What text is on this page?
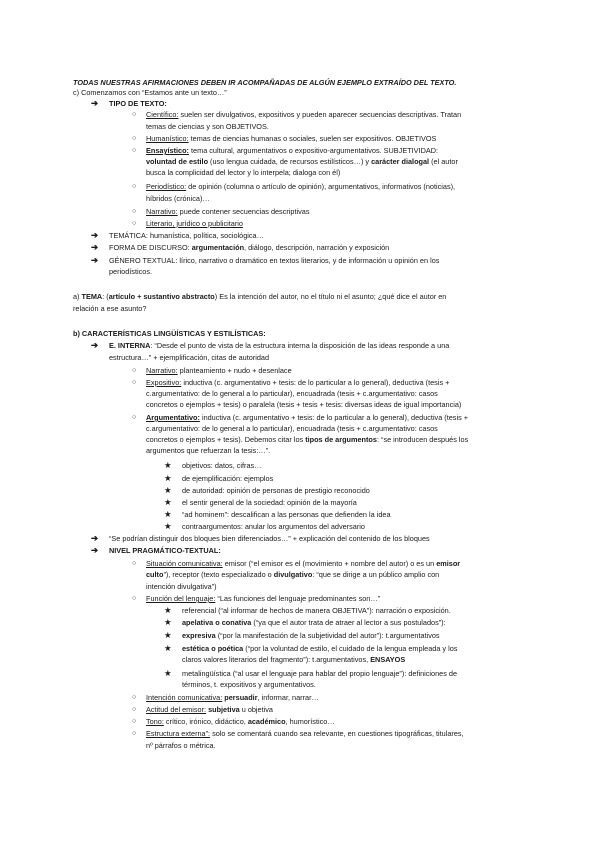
TODAS NUESTRAS AFIRMACIONES DEBEN IR ACOMPAÑADAS DE ALGÚN EJEMPLO EXTRAÍDO DEL TEXTO.
c) Comenzamos con “Estamos ante un texto…”
➔ TIPO DE TEXTO:
○ Científico: suelen ser divulgativos, expositivos y pueden aparecer secuencias descriptivas. Tratan
temas de ciencias y son OBJETIVOS.
○ Humanístico: temas de ciencias humanas o sociales, suelen ser expositivos. OBJETIVOS
○ Ensayístico: tema cultural, argumentativos o expositivo-argumentativos. SUBJETIVIDAD:
voluntad de estilo (uso lengua cuidada, de recursos estilísticos…) y carácter dialogal (el autor
busca la complicidad del lector y lo interpela; dialoga con él)
○ Periodístico: de opinión (columna o artículo de opinión), argumentativos, informativos (noticias),
híbridos (crónica)…
○ Narrativo: puede contener secuencias descriptivas
○ Literario, jurídico o publicitario
➔ TEMÁTICA: humanística, política, sociológica…
➔ FORMA DE DISCURSO: argumentación, diálogo, descripción, narración y exposición
➔ GÉNERO TEXTUAL: lírico, narrativo o dramático en textos literarios, y de información u opinión en los
periodísticos.
a) TEMA: (artículo + sustantivo abstracto) Es la intención del autor, no el título ni el asunto; ¿qué dice el autor en
relación a ese asunto?
b) CARACTERÍSTICAS LINGÜÍSTICAS Y ESTILÍSTICAS:
➔ E. INTERNA: “Desde el punto de vista de la estructura interna la disposición de las ideas responde a una
estructura…” + ejemplificación, citas de autoridad
○ Narrativo: planteamiento + nudo + desenlace
○ Expositivo: inductiva (c. argumentativo + tesis: de lo particular a lo general), deductiva (tesis +
c.argumentativo: de lo general a lo particular), encuadrada (tesis + c.argumentativo: casos
concretos o ejemplos + tesis) o paralela (tesis + tesis + tesis: diversas ideas de igual importancia)
○ Argumentativo: inductiva (c. argumentativo + tesis: de lo particular a lo general), deductiva (tesis +
c.argumentativo: de lo general a lo particular), encuadrada (tesis + c.argumentativo: casos
concretos o ejemplos + tesis). Debemos citar los tipos de argumentos: “se introducen después los
argumentos que refuerzan la tesis:…”.
★ objetivos: datos, cifras…
★ de ejemplificación: ejemplos
★ de autoridad: opinión de personas de prestigio reconocido
★ el sentir general de la sociedad: opinión de la mayoría
★ “ad hominem”: descalifican a las personas que defienden la idea
★ contraargumentos: anular los argumentos del adversario
➔ “Se podrían distinguir dos bloques bien diferenciados…” + explicación del contenido de los bloques
➔ NIVEL PRAGMÁTICO-TEXTUAL:
○ Situación comunicativa: emisor (“el emisor es el (movimiento + nombre del autor) o es un emisor
culto”), receptor (texto especializado o divulgativo: “que se dirige a un público amplio con
intención divulgativa”)
○ Función del lenguaje: “Las funciones del lenguaje predominantes son…”
★ referencial (“al informar de hechos de manera OBJETIVA”): narración o exposición.
★ apelativa o conativa (“ya que el autor trata de atraer al lector a sus postulados”):
★ expresiva (“por la manifestación de la subjetividad del autor”): t.argumentativos
★ estética o poética (“por la voluntad de estilo, el cuidado de la lengua empleada y los
claros valores literarios del fragmento”): t.argumentativos, ENSAYOS
★ metalingüística (“al usar el lenguaje para hablar del propio lenguaje”): definiciones de
términos, t. expositivos y argumentativos.
○ Intención comunicativa: persuadir, informar, narrar…
○ Actitud del emisor: subjetiva u objetiva
○ Tono: crítico, irónico, didáctico, académico, humorístico…
○ Estructura externa”: solo se comentará cuando sea relevante, en cuestiones tipográficas, titulares,
nº párrafos o métrica.
